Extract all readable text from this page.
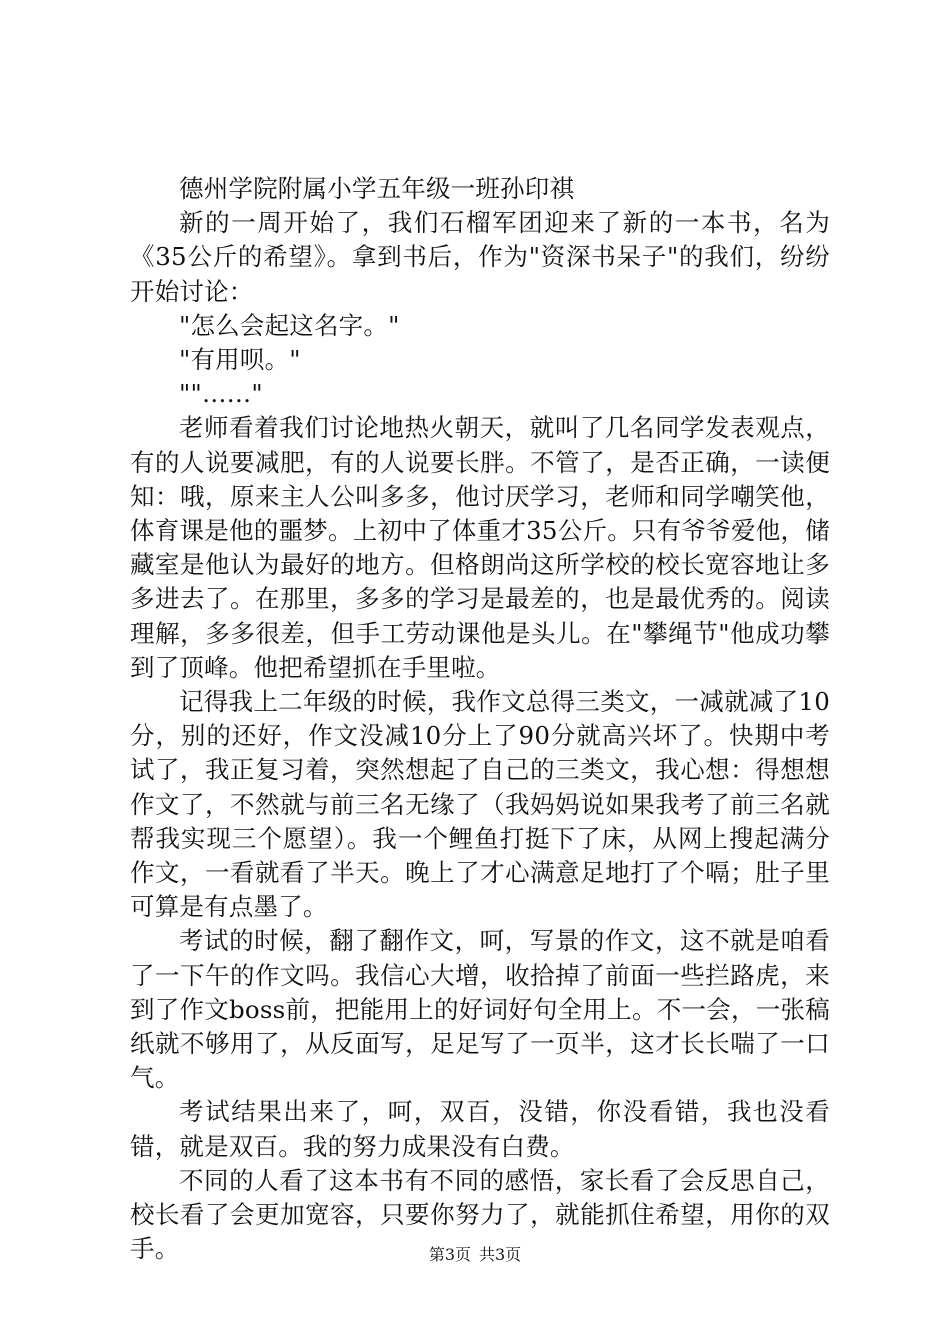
德州学院附属小学五年级一班孙印祺

新的一周开始了，我们石榴军团迎来了新的一本书，名为《35公斤的希望》。拿到书后，作为"资深书呆子"的我们，纷纷开始讨论：

"怎么会起这名字。"

"有用呗。"

""……"

老师看着我们讨论地热火朝天，就叫了几名同学发表观点，有的人说要减肥，有的人说要长胖。不管了，是否正确，一读便知：哦，原来主人公叫多多，他讨厌学习，老师和同学嘲笑他，体育课是他的噩梦。上初中了体重才35公斤。只有爷爷爱他，储藏室是他认为最好的地方。但格朗尚这所学校的校长宽容地让多多进去了。在那里，多多的学习是最差的，也是最优秀的。阅读理解，多多很差，但手工劳动课他是头儿。在"攀绳节"他成功攀到了顶峰。他把希望抓在手里啦。

记得我上二年级的时候，我作文总得三类文，一减就减了10分，别的还好，作文没减10分上了90分就高兴坏了。快期中考试了，我正复习着，突然想起了自己的三类文，我心想：得想想作文了，不然就与前三名无缘了（我妈妈说如果我考了前三名就帮我实现三个愿望）。我一个鲤鱼打挺下了床，从网上搜起满分作文，一看就看了半天。晚上了才心满意足地打了个嗝；肚子里可算是有点墨了。

考试的时候，翻了翻作文，呵，写景的作文，这不就是咱看了一下午的作文吗。我信心大增，收拾掉了前面一些拦路虎，来到了作文boss前，把能用上的好词好句全用上。不一会，一张稿纸就不够用了，从反面写，足足写了一页半，这才长长喘了一口气。

考试结果出来了，呵，双百，没错，你没看错，我也没看错，就是双百。我的努力成果没有白费。

不同的人看了这本书有不同的感悟，家长看了会反思自己，校长看了会更加宽容，只要你努力了，就能抓住希望，用你的双手。	第3页 共3页
